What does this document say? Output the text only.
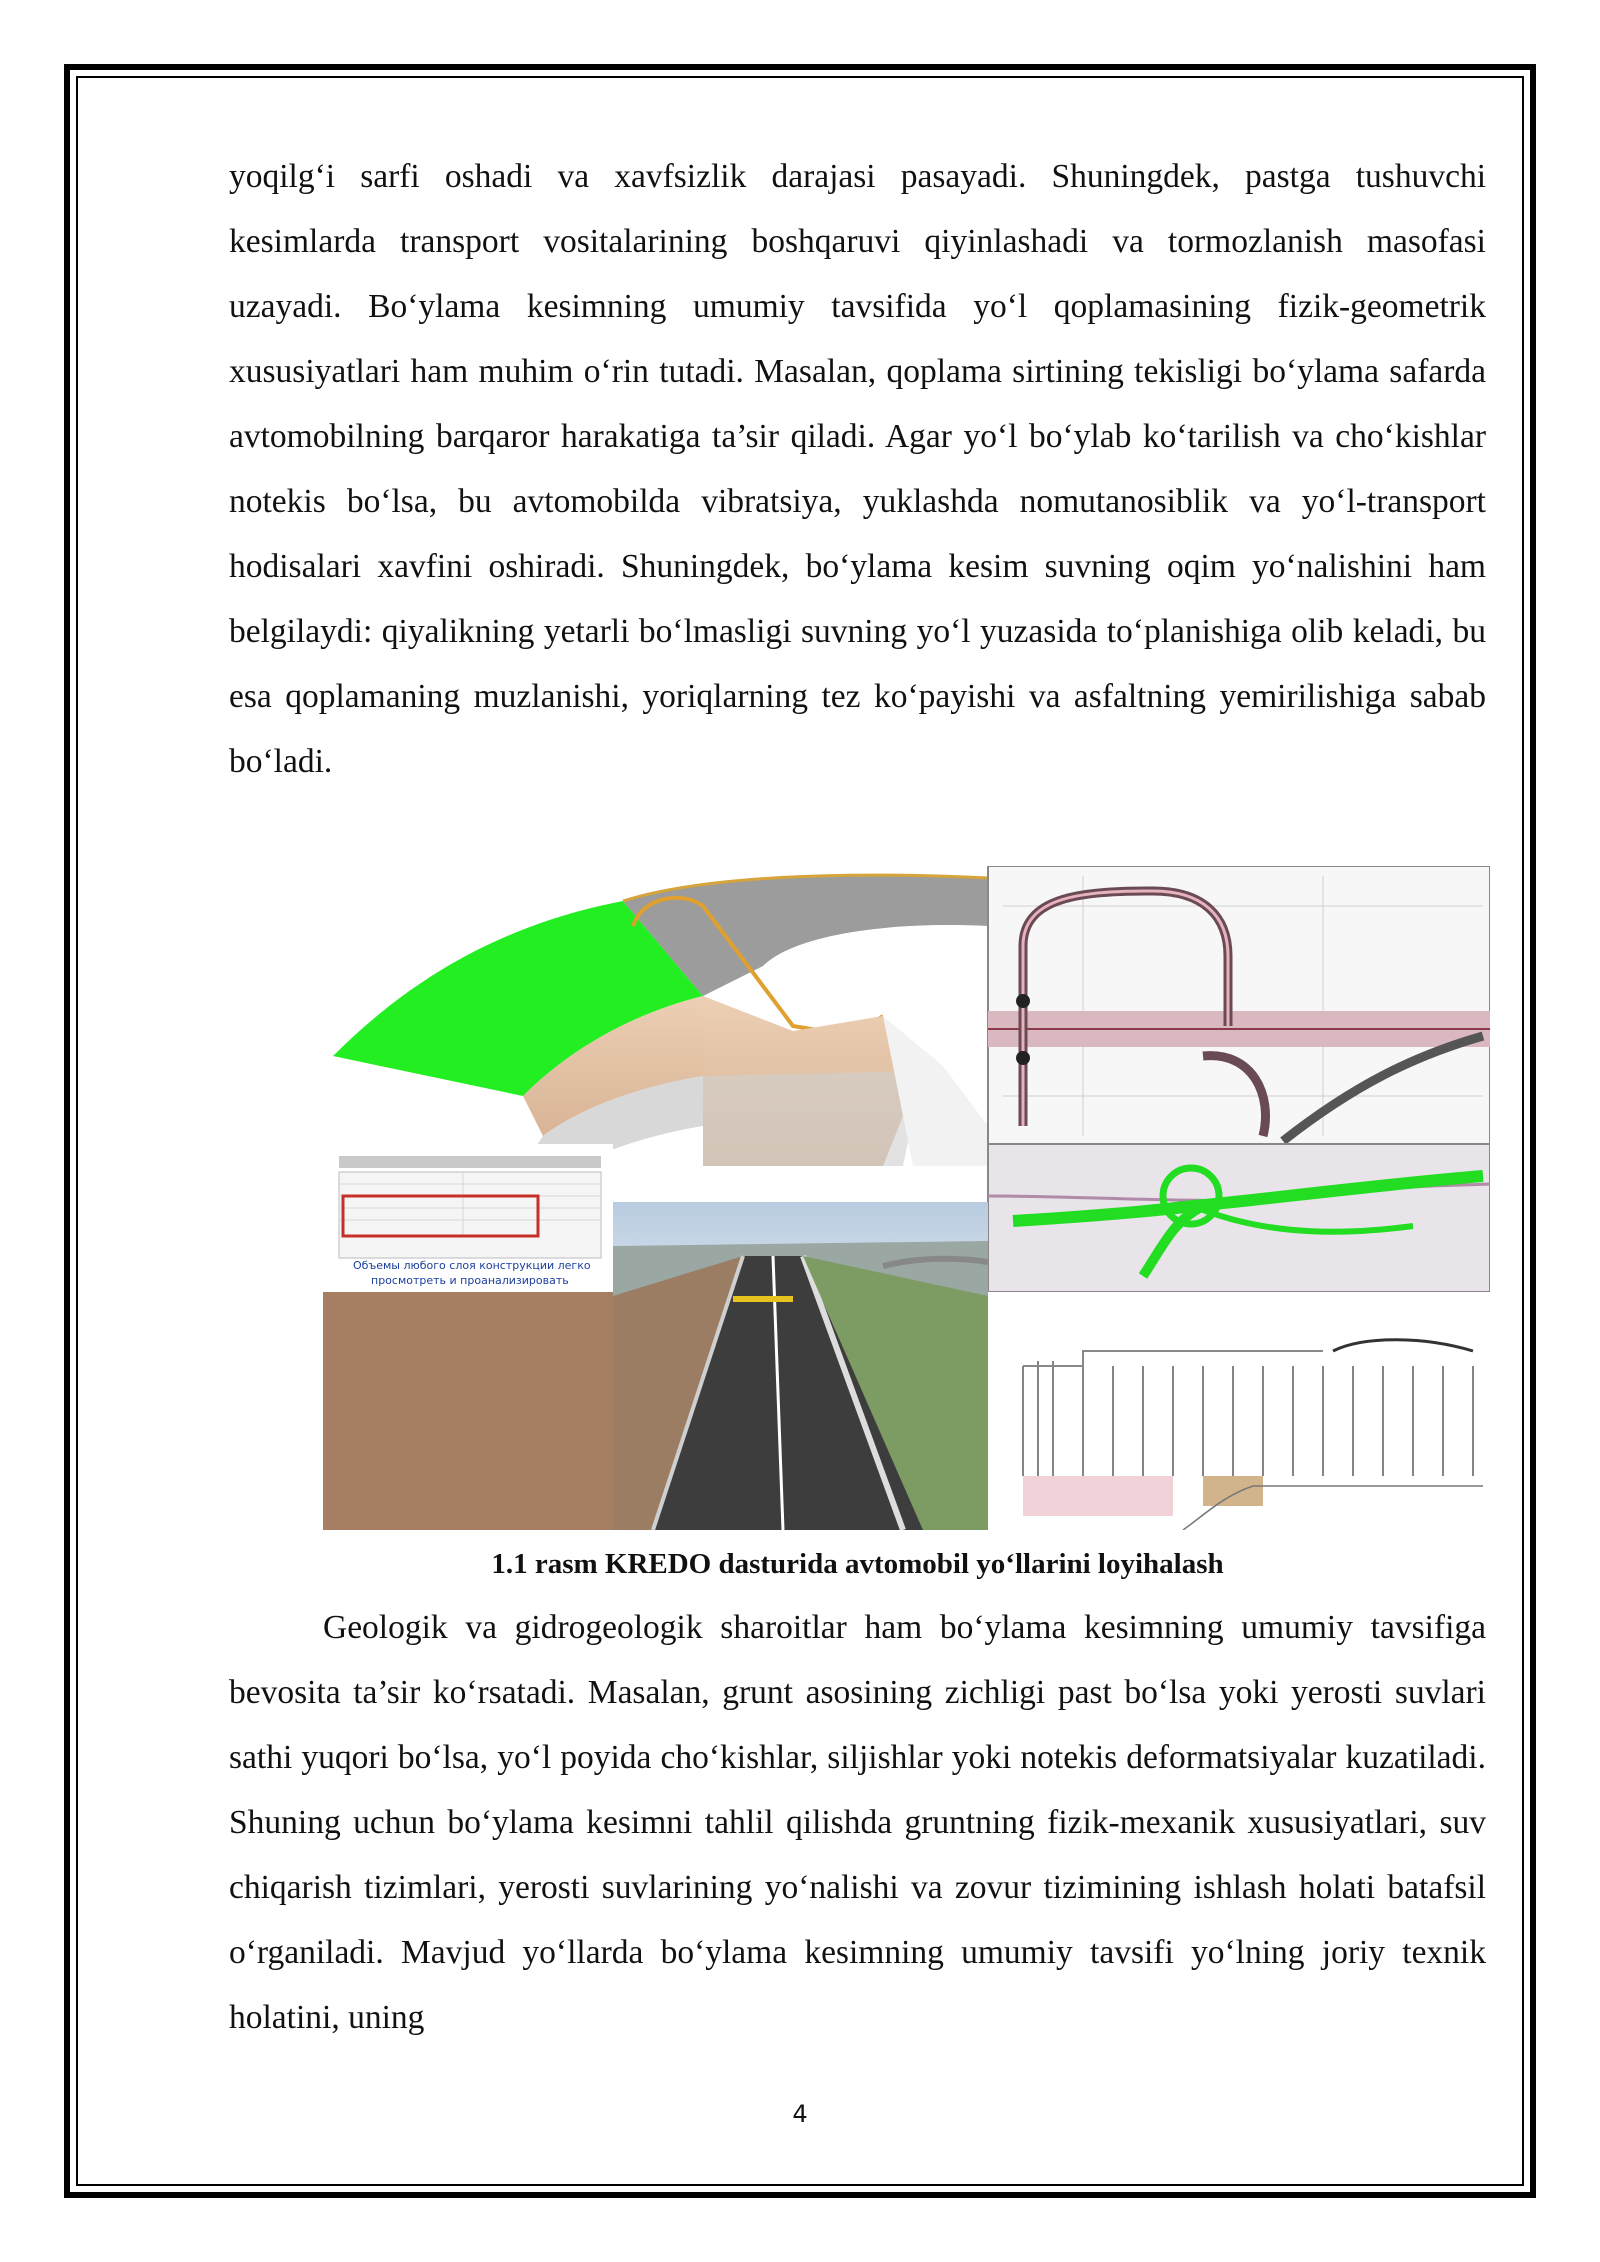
yoqilg‘i sarfi oshadi va xavfsizlik darajasi pasayadi. Shuningdek, pastga tushuvchi kesimlarda transport vositalarining boshqaruvi qiyinlashadi va tormozlanish masofasi uzayadi. Bo‘ylama kesimning umumiy tavsifida yo‘l qoplamasining fizik-geometrik xususiyatlari ham muhim o‘rin tutadi. Masalan, qoplama sirtining tekisligi bo‘ylama safarda avtomobilning barqaror harakatiga ta’sir qiladi. Agar yo‘l bo‘ylab ko‘tarilish va cho‘kishlar notekis bo‘lsa, bu avtomobilda vibratsiya, yuklashda nomutanosiblik va yo‘l-transport hodisalari xavfini oshiradi. Shuningdek, bo‘ylama kesim suvning oqim yo‘nalishini ham belgilaydi: qiyalikning yetarli bo‘lmasligi suvning yo‘l yuzasida to‘planishiga olib keladi, bu esa qoplamaning muzlanishi, yoriqlarning tez ko‘payishi va asfaltning yemirilishiga sabab bo‘ladi.

Объемы любого слоя конструкции легко
просмотреть и проанализировать

1.1 rasm KREDO dasturida avtomobil yo‘llarini loyihalash

Geologik va gidrogeologik sharoitlar ham bo‘ylama kesimning umumiy tavsifiga bevosita ta’sir ko‘rsatadi. Masalan, grunt asosining zichligi past bo‘lsa yoki yerosti suvlari sathi yuqori bo‘lsa, yo‘l poyida cho‘kishlar, siljishlar yoki notekis deformatsiyalar kuzatiladi. Shuning uchun bo‘ylama kesimni tahlil qilishda gruntning fizik-mexanik xususiyatlari, suv chiqarish tizimlari, yerosti suvlarining yo‘nalishi va zovur tizimining ishlash holati batafsil o‘rganiladi. Mavjud yo‘llarda bo‘ylama kesimning umumiy tavsifi yo‘lning joriy texnik holatini, uning

4
